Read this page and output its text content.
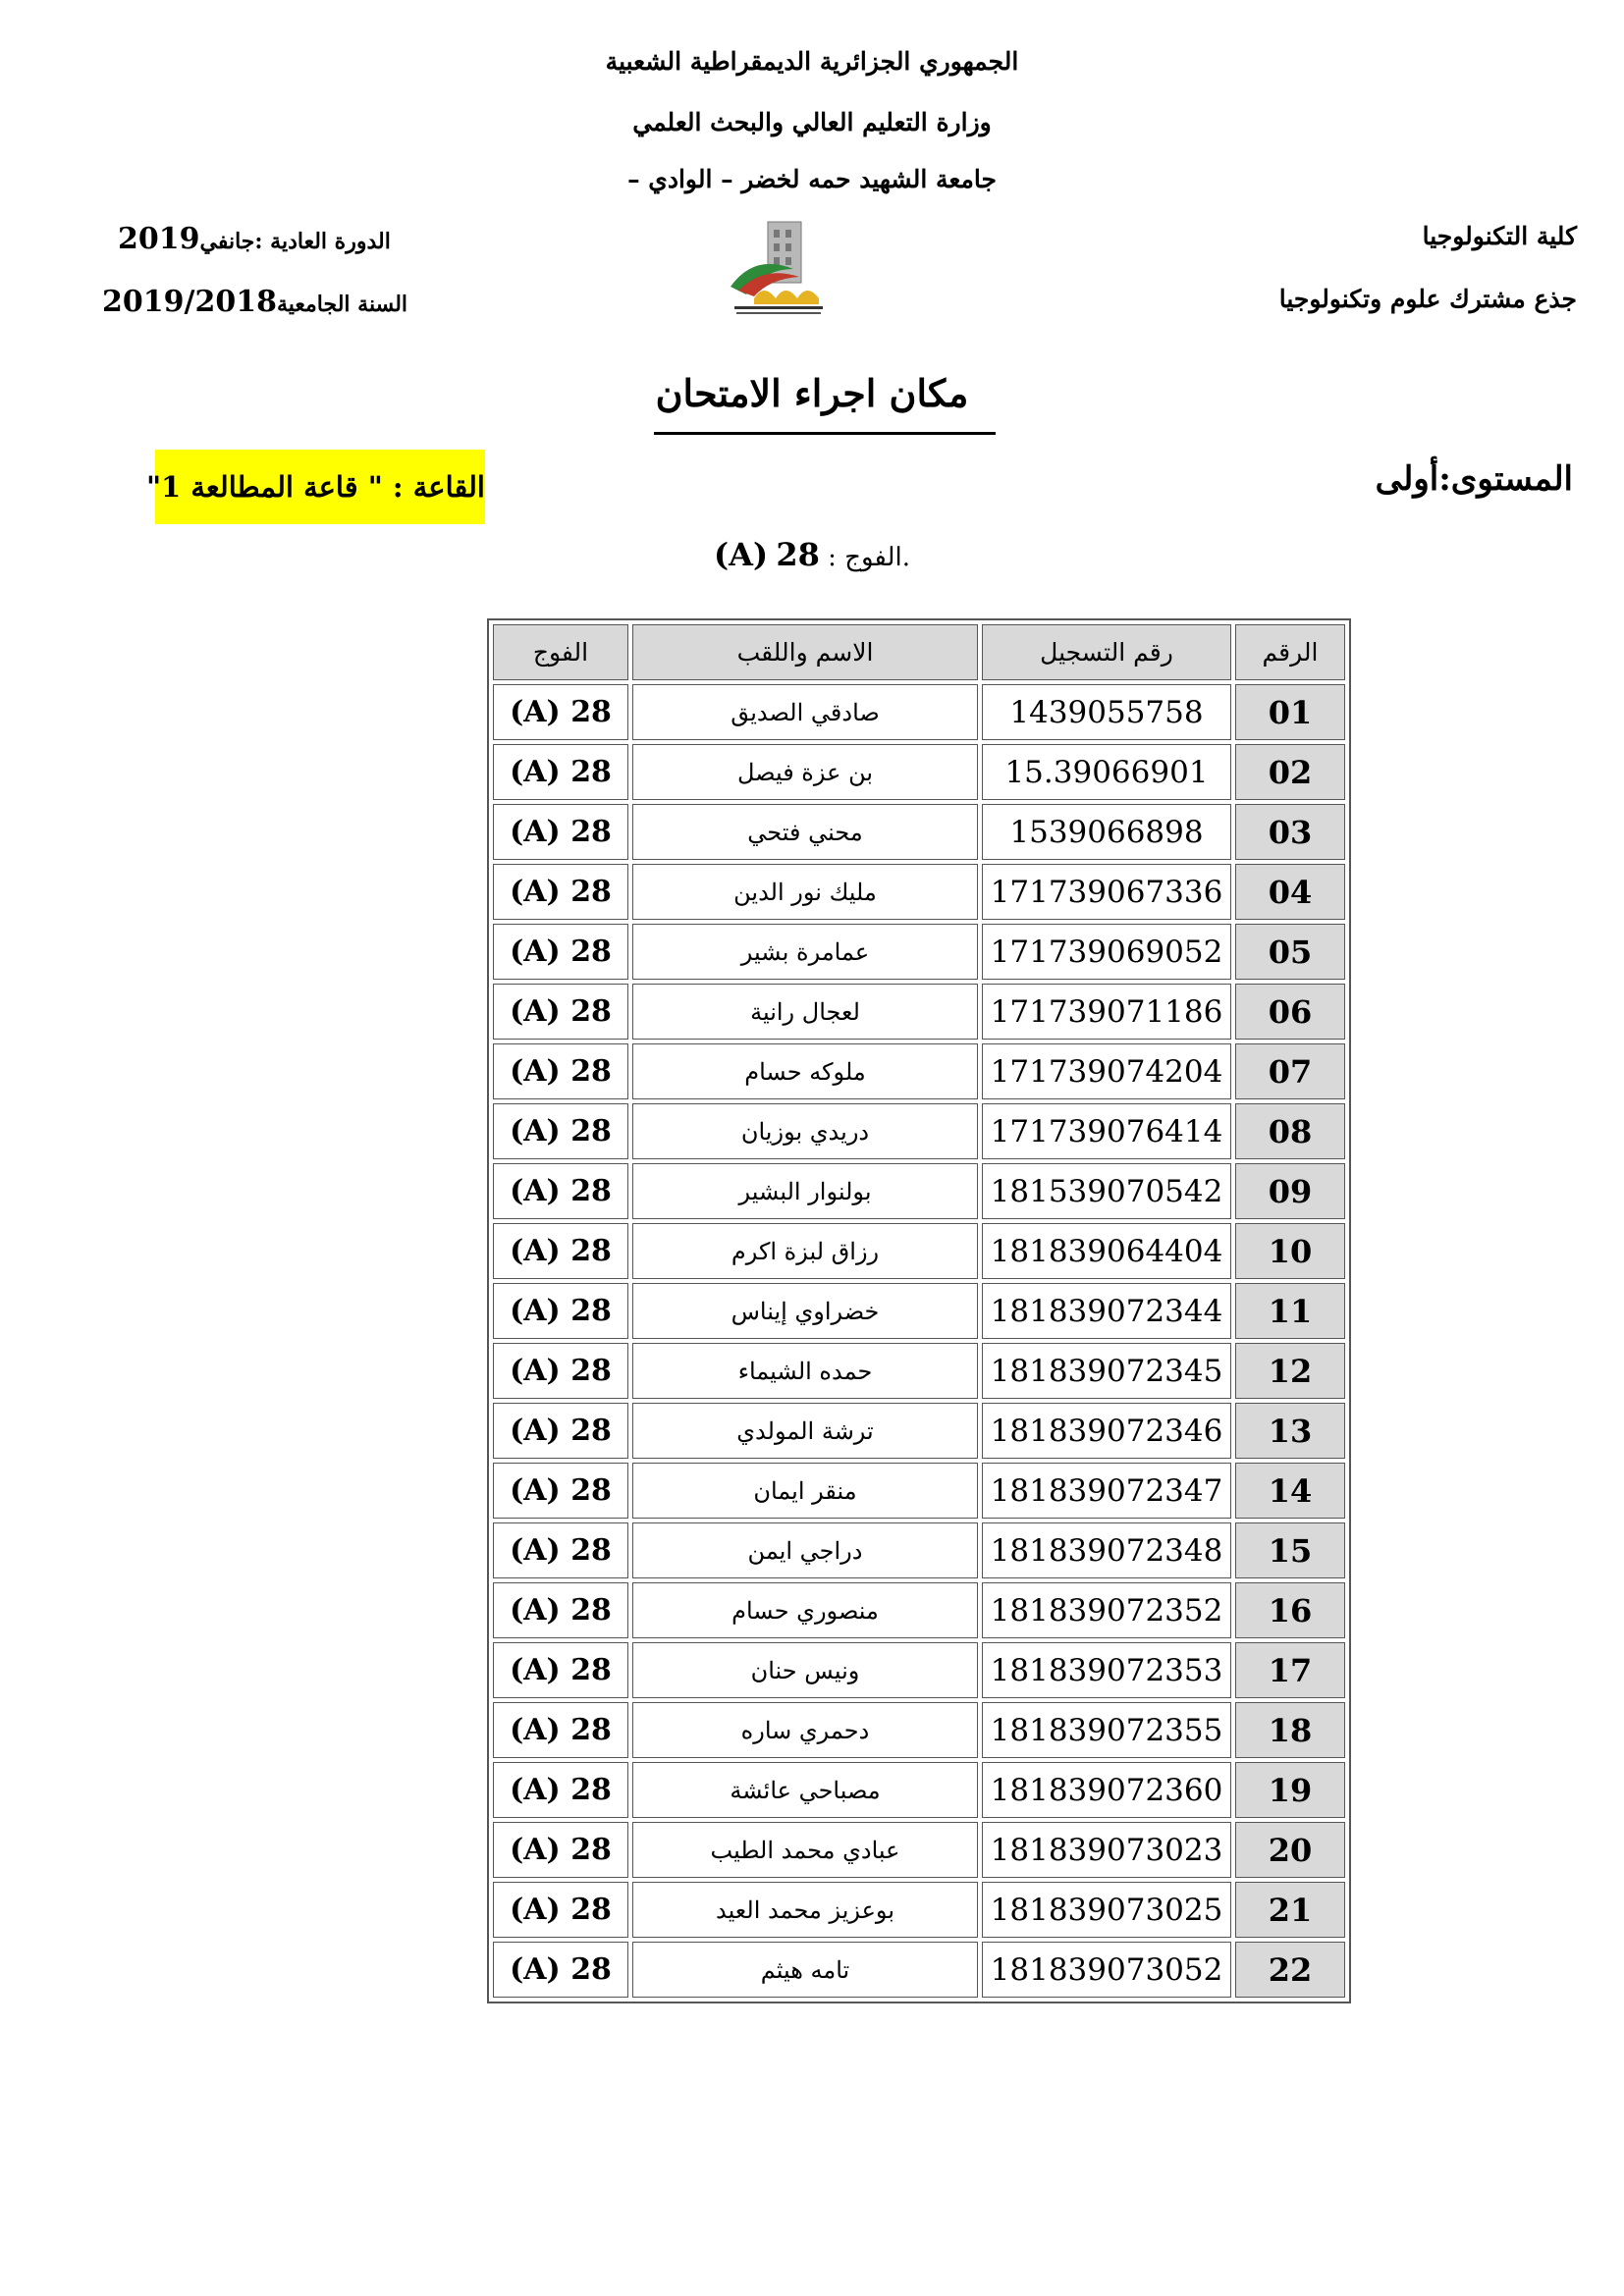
الجمهوري الجزائرية الديمقراطية الشعبية
وزارة التعليم العالي والبحث العلمي
جامعة الشهيد حمه لخضر – الوادي –
كلية التكنولوجيا
جذع مشترك علوم وتكنولوجيا
الدورة العادية :جانفي2019
السنة الجامعية2019/2018
مكان اجراء الامتحان
المستوى:أولى
القاعة : " قاعة المطالعة 1"
.الفوج : 28 (A)
الرقم	رقم التسجيل	الاسم واللقب	الفوج
01	1439055758	صادقي الصديق	28 (A)
02	15.39066901	بن عزة فيصل	28 (A)
03	1539066898	محني فتحي	28 (A)
04	171739067336	مليك نور الدين	28 (A)
05	171739069052	عمامرة بشير	28 (A)
06	171739071186	لعجال رانية	28 (A)
07	171739074204	ملوكه حسام	28 (A)
08	171739076414	دريدي بوزيان	28 (A)
09	181539070542	بولنوار البشير	28 (A)
10	181839064404	رزاق لبزة اكرم	28 (A)
11	181839072344	خضراوي إيناس	28 (A)
12	181839072345	حمده الشيماء	28 (A)
13	181839072346	ترشة المولدي	28 (A)
14	181839072347	منقر ايمان	28 (A)
15	181839072348	دراجي ايمن	28 (A)
16	181839072352	منصوري حسام	28 (A)
17	181839072353	ونيس حنان	28 (A)
18	181839072355	دحمري ساره	28 (A)
19	181839072360	مصباحي عائشة	28 (A)
20	181839073023	عبادي محمد الطيب	28 (A)
21	181839073025	بوعزيز محمد العيد	28 (A)
22	181839073052	تامه هيثم	28 (A)
